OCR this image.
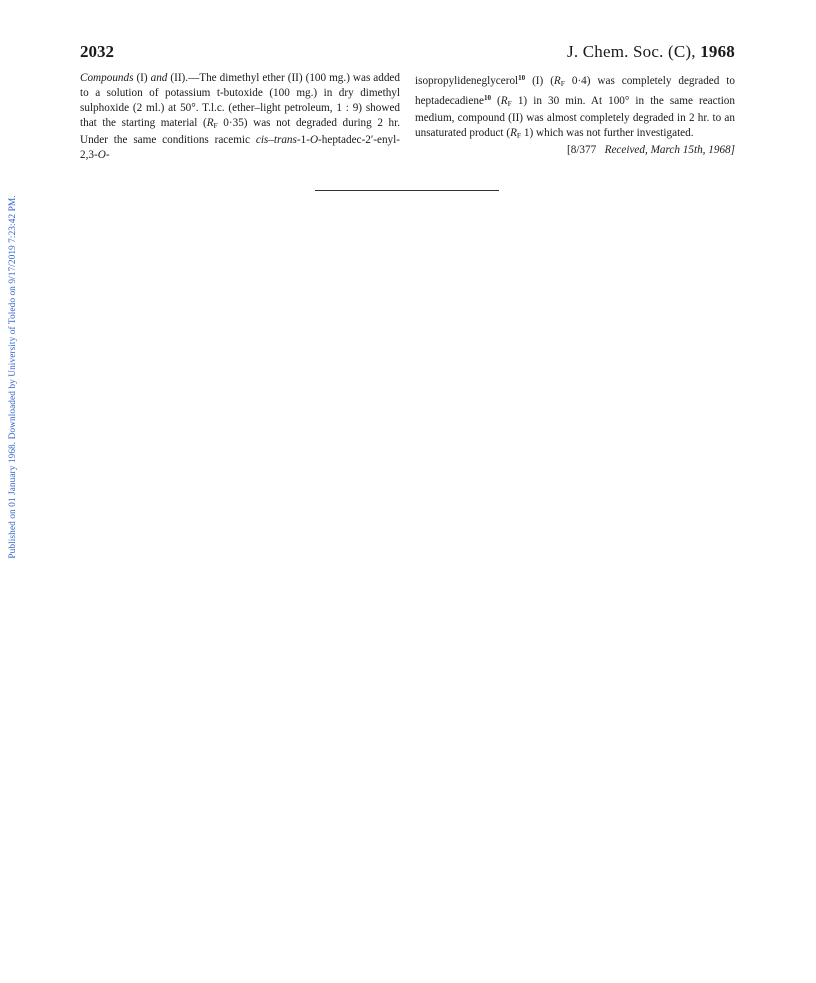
Published on 01 January 1968. Downloaded by University of Toledo on 9/17/2019 7:23:42 PM.
2032	J. Chem. Soc. (C), 1968

Compounds (I) and (II).—The dimethyl ether (II) (100 mg.) was added to a solution of potassium t-butoxide (100 mg.) in dry dimethyl sulphoxide (2 ml.) at 50°. T.l.c. (ether–light petroleum, 1 : 9) showed that the starting material ($R_F$ 0·35) was not degraded during 2 hr. Under the same conditions racemic cis–trans-1-O-heptadec-2′-enyl-2,3-O-

isopropylideneglycerol$^{10}$ (I) ($R_F$ 0·4) was completely degraded to heptadecadiene$^{10}$ ($R_F$ 1) in 30 min. At 100° in the same reaction medium, compound (II) was almost completely degraded in 2 hr. to an unsaturated product ($R_F$ 1) which was not further investigated.

[8/377 Received, March 15th, 1968]
